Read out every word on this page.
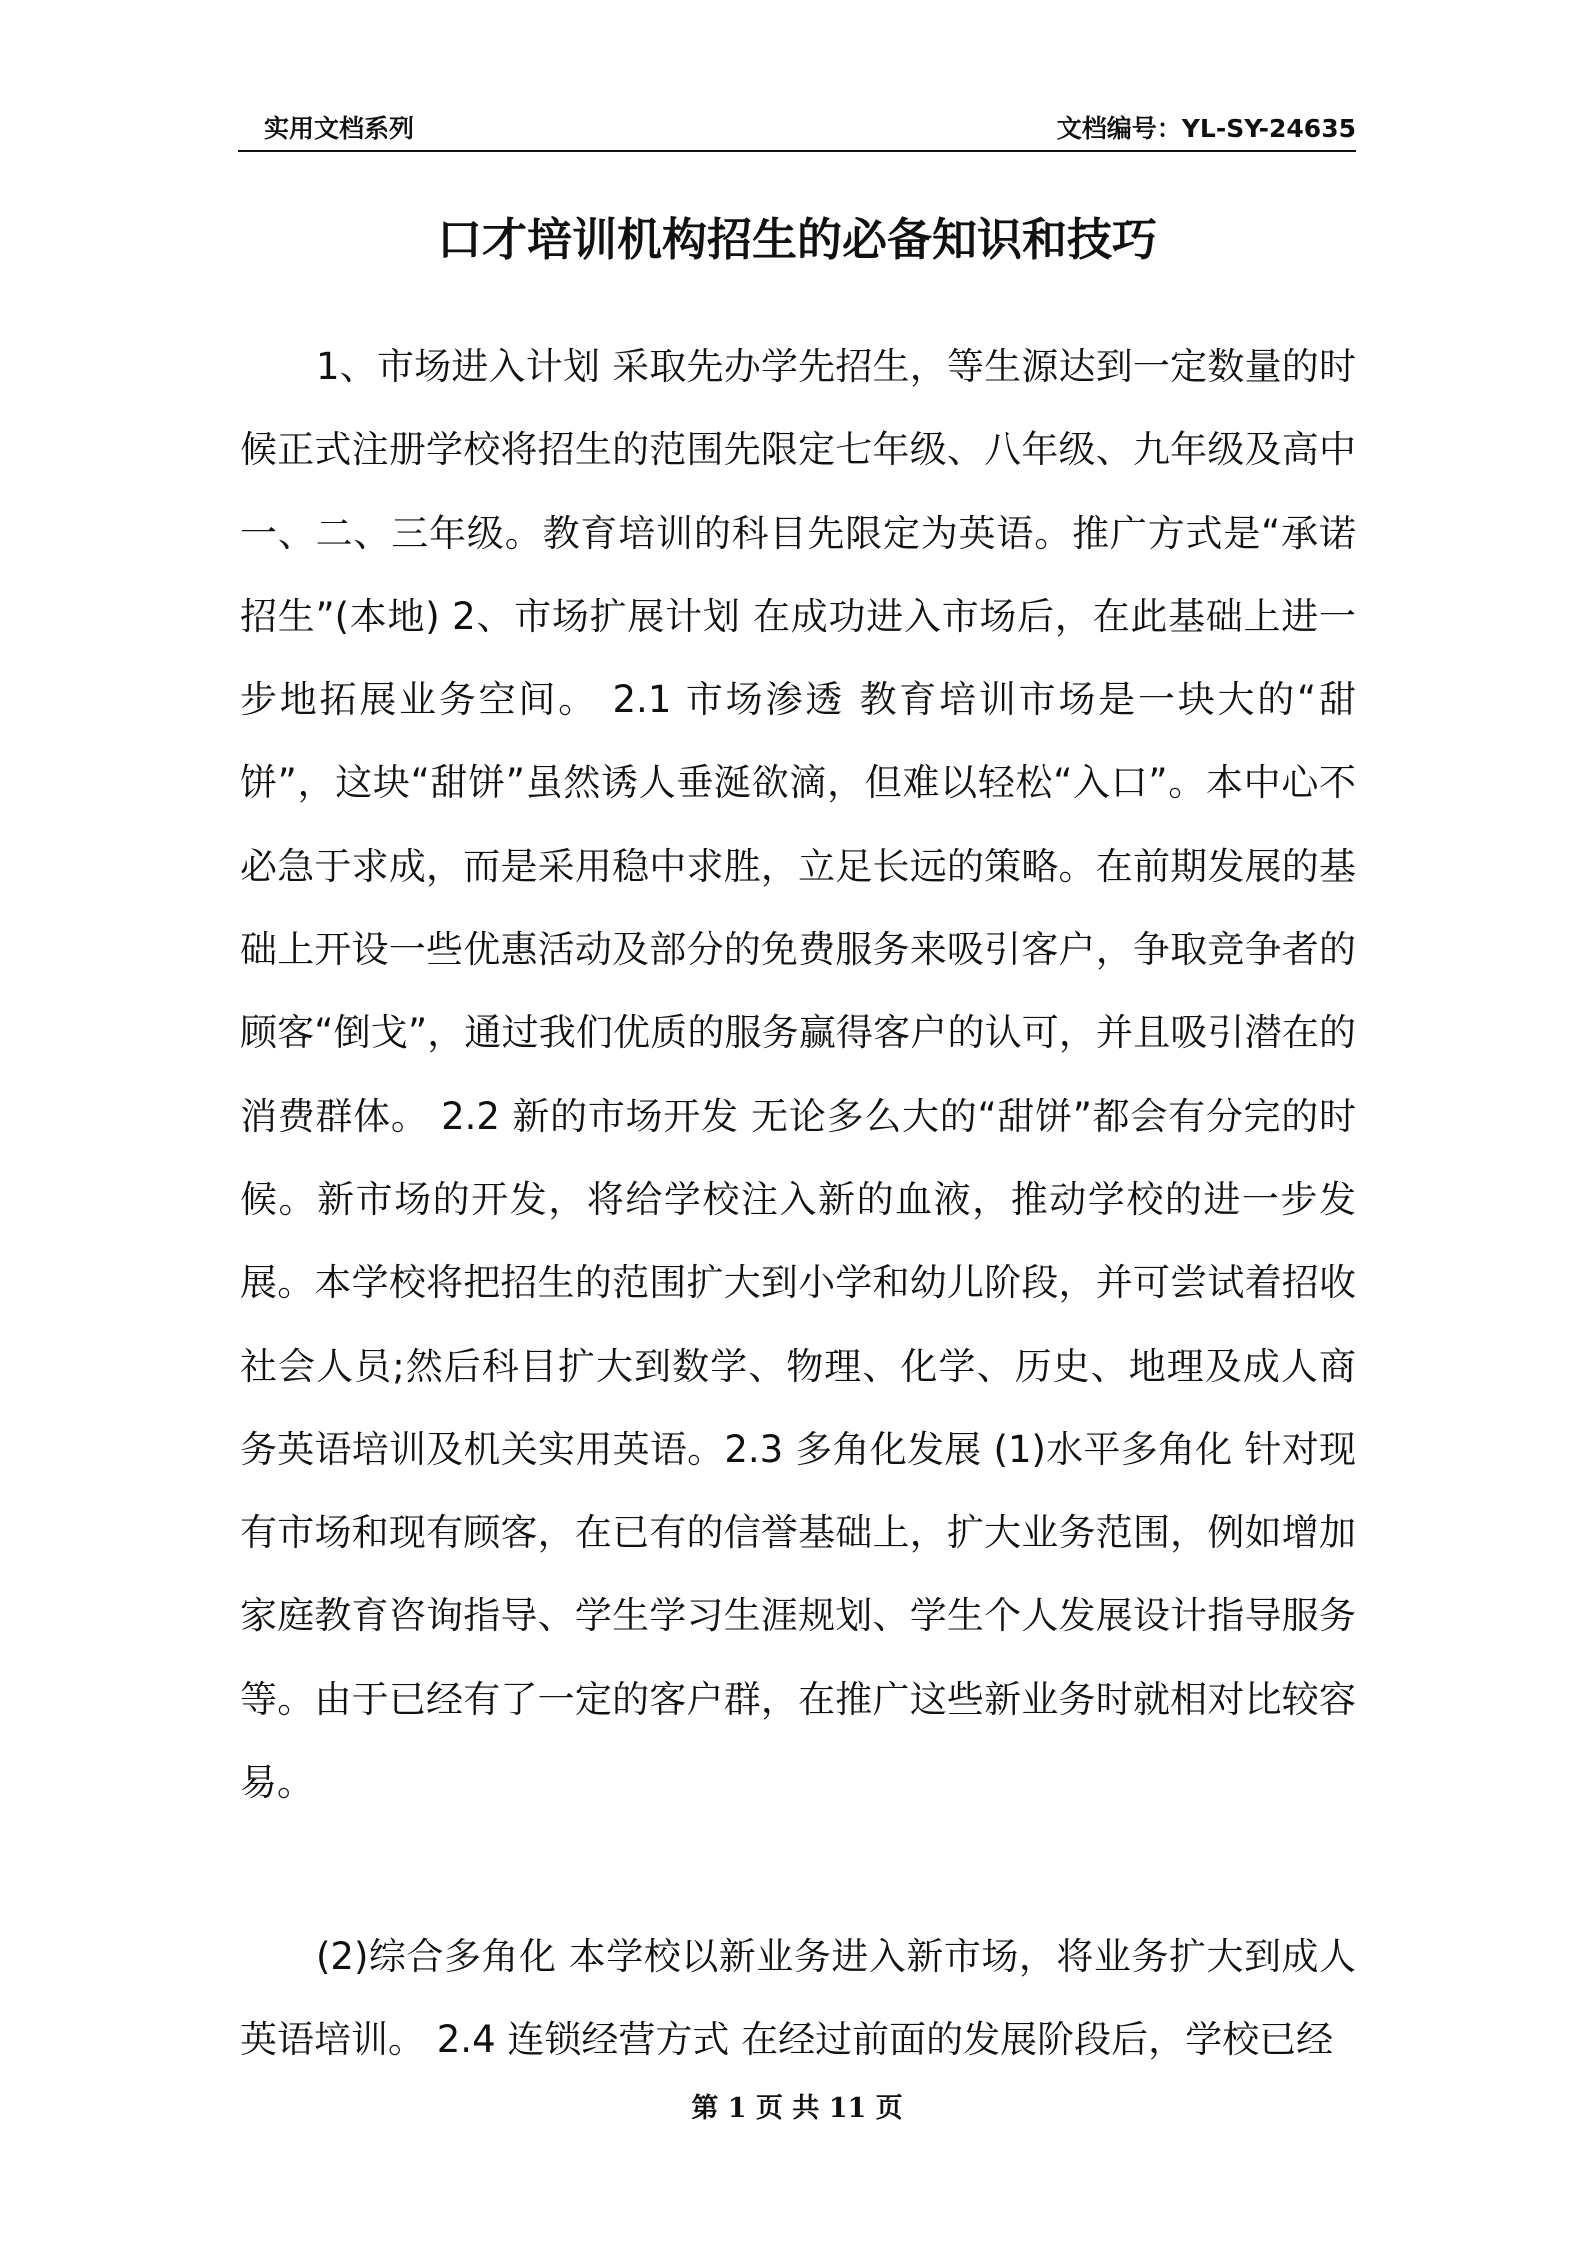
实用文档系列	文档编号：YL-SY-24635
口才培训机构招生的必备知识和技巧

1、市场进入计划 采取先办学先招生，等生源达到一定数量的时候正式注册学校将招生的范围先限定七年级、八年级、九年级及高中一、二、三年级。教育培训的科目先限定为英语。推广方式是“承诺招生”(本地) 2、市场扩展计划 在成功进入市场后，在此基础上进一步地拓展业务空间。 2.1 市场渗透 教育培训市场是一块大的“甜饼”，这块“甜饼”虽然诱人垂涎欲滴，但难以轻松“入口”。本中心不必急于求成，而是采用稳中求胜，立足长远的策略。在前期发展的基础上开设一些优惠活动及部分的免费服务来吸引客户，争取竞争者的顾客“倒戈”，通过我们优质的服务赢得客户的认可，并且吸引潜在的消费群体。 2.2 新的市场开发 无论多么大的“甜饼”都会有分完的时候。新市场的开发，将给学校注入新的血液，推动学校的进一步发展。本学校将把招生的范围扩大到小学和幼儿阶段，并可尝试着招收社会人员;然后科目扩大到数学、物理、化学、历史、地理及成人商务英语培训及机关实用英语。2.3 多角化发展 (1)水平多角化 针对现有市场和现有顾客，在已有的信誉基础上，扩大业务范围，例如增加家庭教育咨询指导、学生学习生涯规划、学生个人发展设计指导服务等。由于已经有了一定的客户群，在推广这些新业务时就相对比较容易。

(2)综合多角化 本学校以新业务进入新市场，将业务扩大到成人英语培训。 2.4 连锁经营方式 在经过前面的发展阶段后，学校已经

第 1 页 共 11 页
